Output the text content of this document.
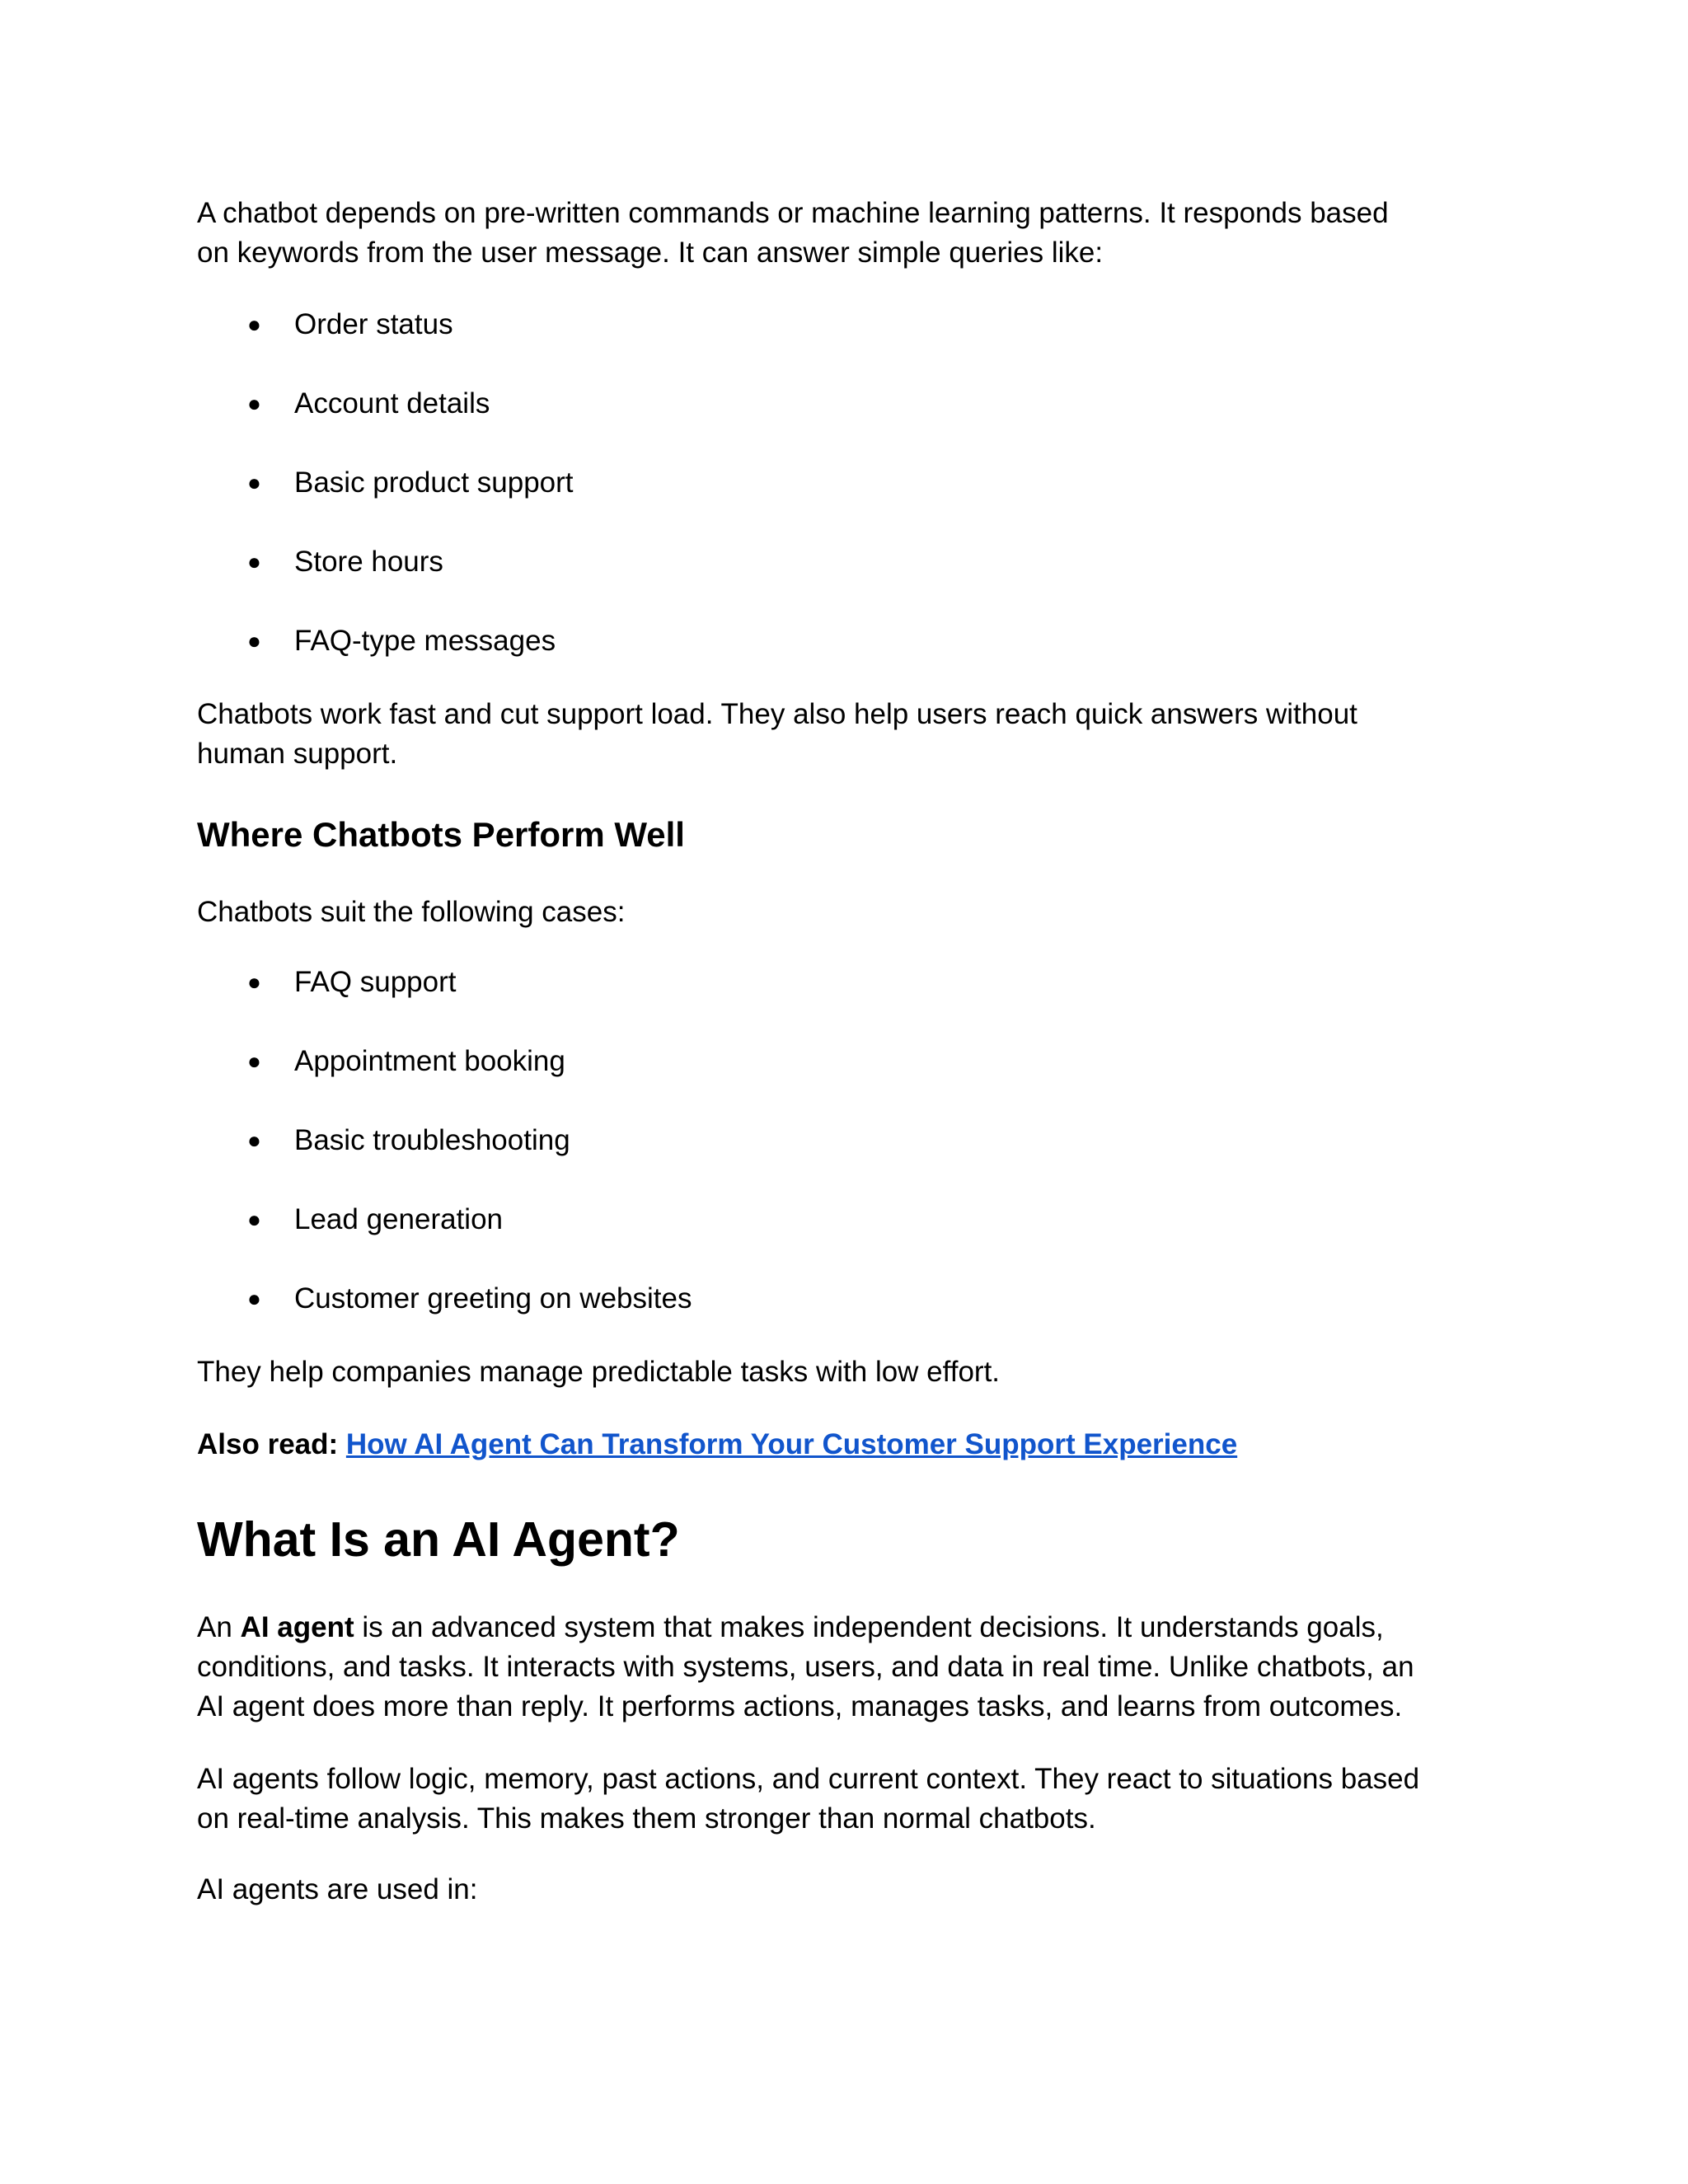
A chatbot depends on pre-written commands or machine learning patterns. It responds based

on keywords from the user message. It can answer simple queries like:

● Order status
● Account details
● Basic product support
● Store hours
● FAQ-type messages

Chatbots work fast and cut support load. They also help users reach quick answers without

human support.

Where Chatbots Perform Well

Chatbots suit the following cases:

● FAQ support
● Appointment booking
● Basic troubleshooting
● Lead generation
● Customer greeting on websites

They help companies manage predictable tasks with low effort.

Also read: How AI Agent Can Transform Your Customer Support Experience

What Is an AI Agent?

An AI agent is an advanced system that makes independent decisions. It understands goals,

conditions, and tasks. It interacts with systems, users, and data in real time. Unlike chatbots, an

AI agent does more than reply. It performs actions, manages tasks, and learns from outcomes.

AI agents follow logic, memory, past actions, and current context. They react to situations based

on real-time analysis. This makes them stronger than normal chatbots.

AI agents are used in:
